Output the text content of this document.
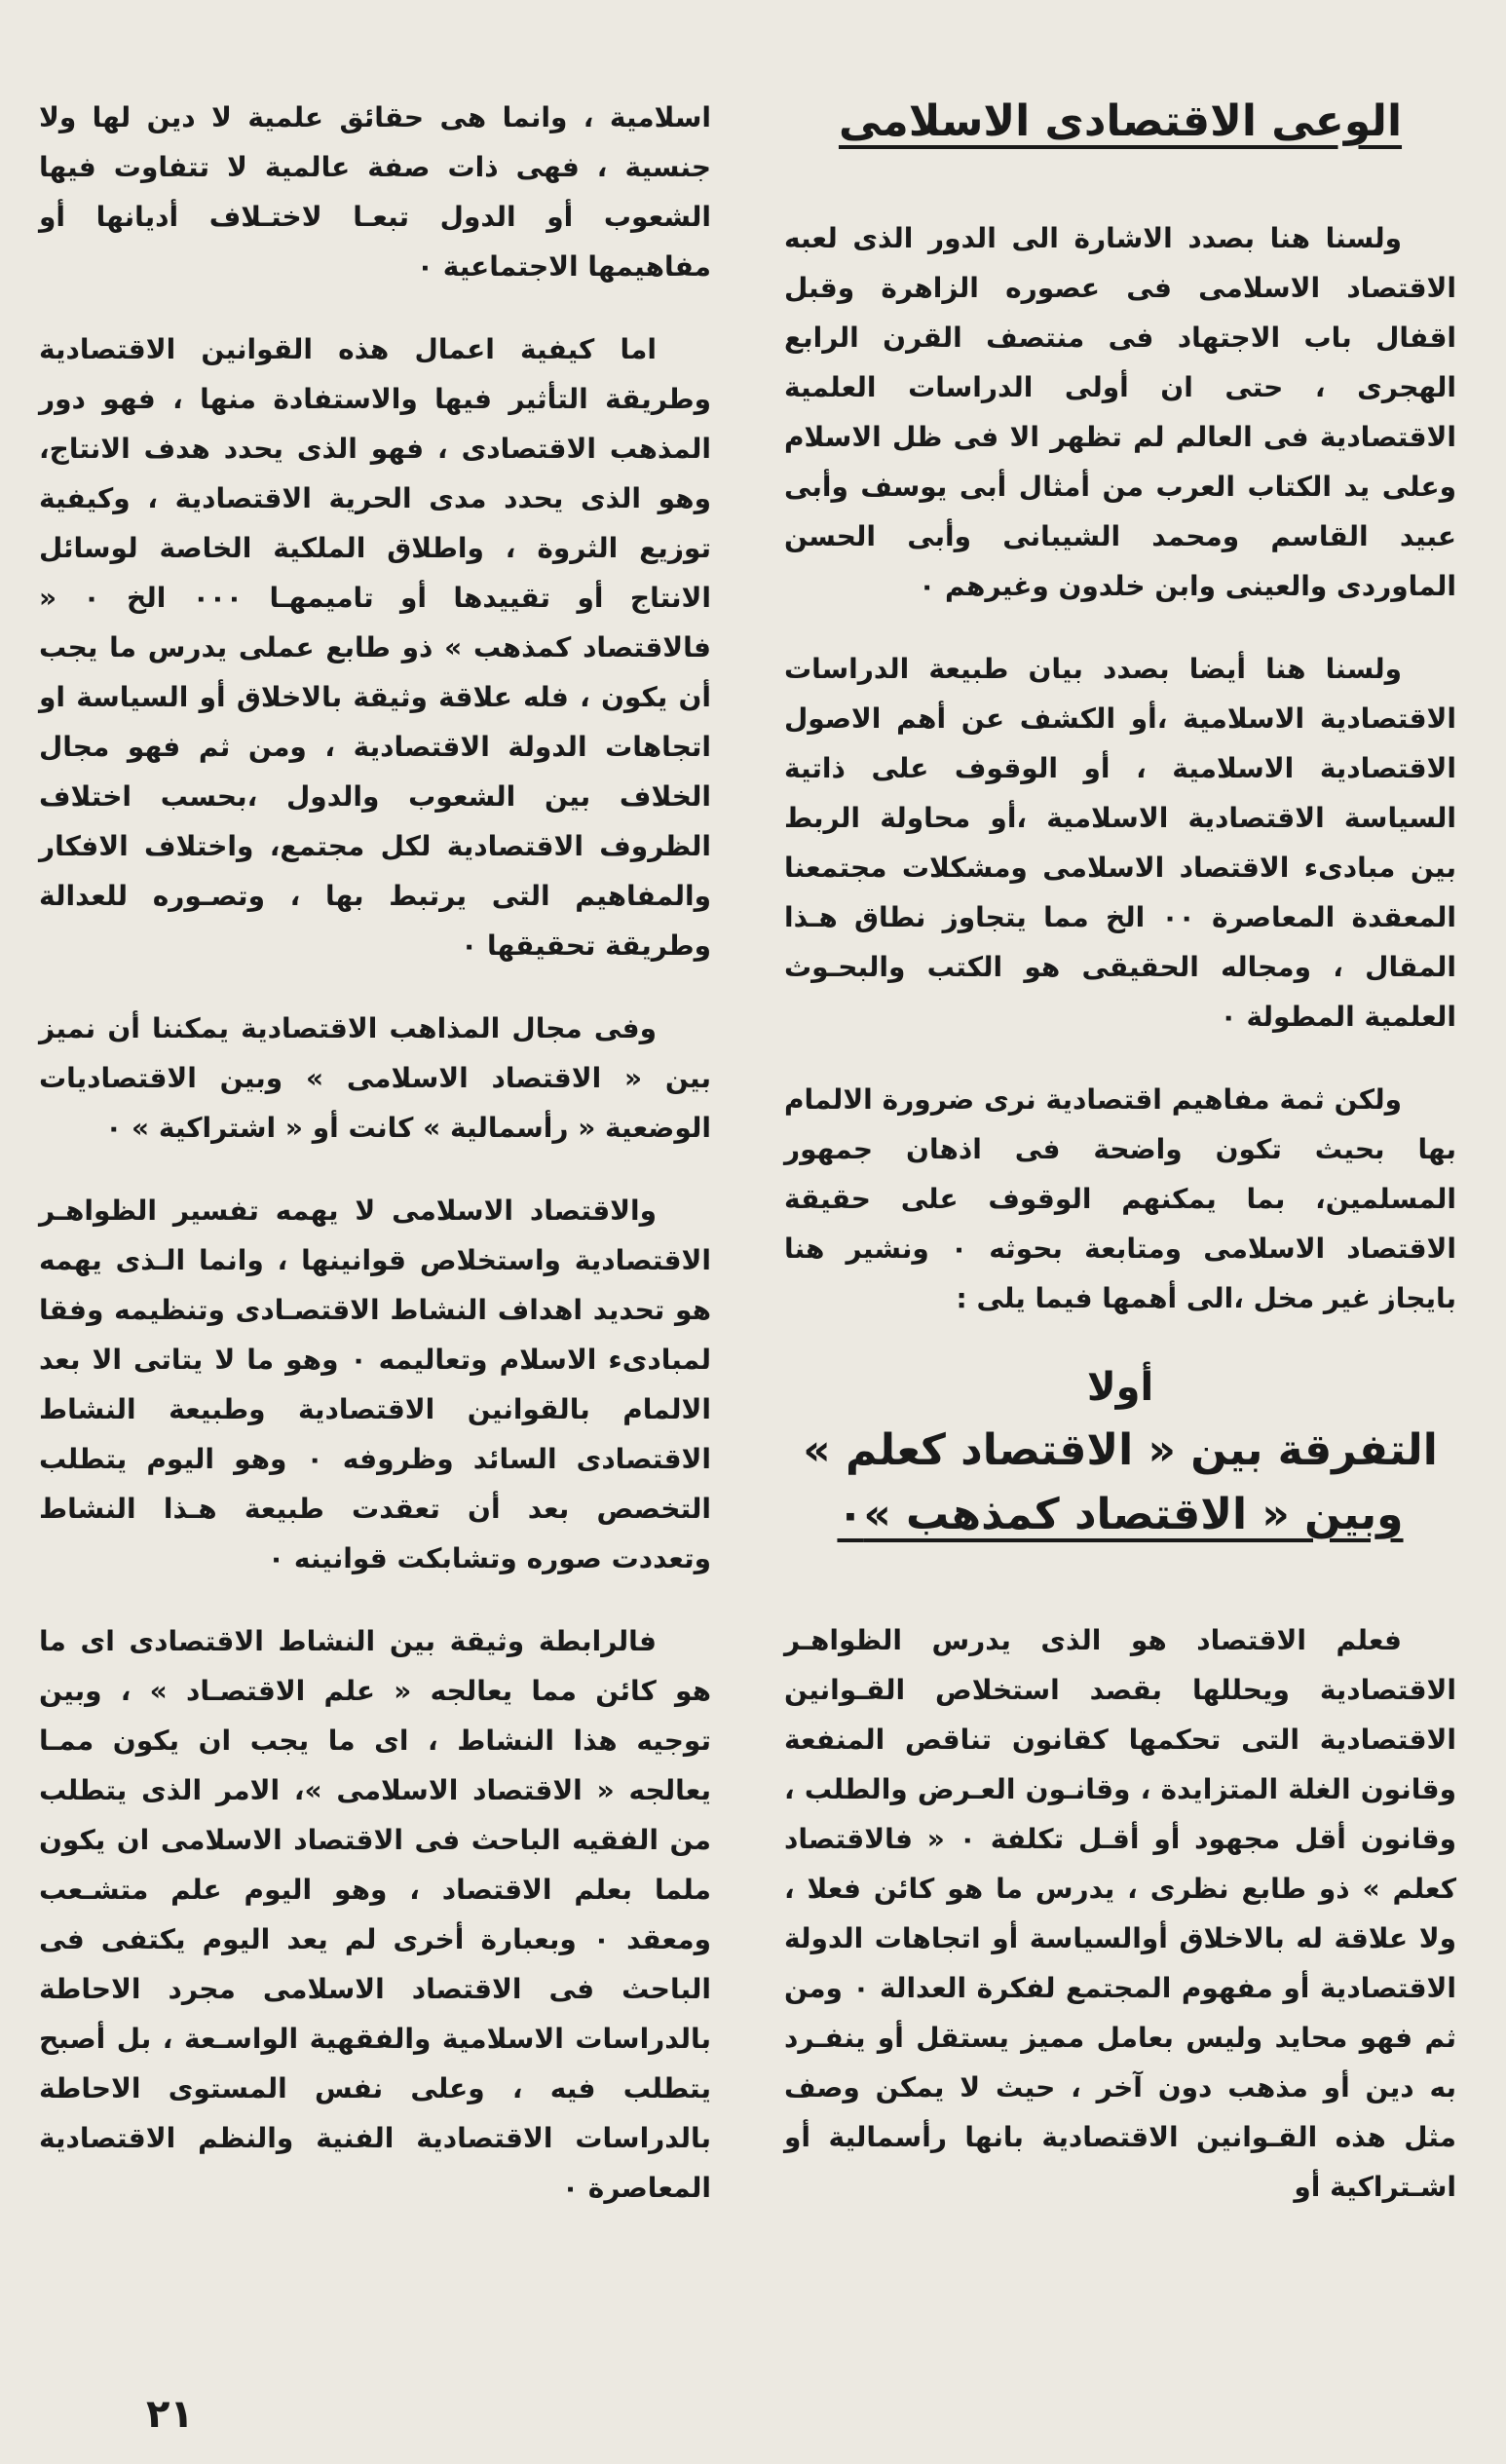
الوعى الاقتصادى الاسلامى

ولسنا هنا بصدد الاشارة الى الدور الذى لعبه الاقتصاد الاسلامى فى عصوره الزاهرة وقبل اقفال باب الاجتهاد فى منتصف القرن الرابع الهجرى ، حتى ان أولى الدراسات العلمية الاقتصادية فى العالم لم تظهر الا فى ظل الاسلام وعلى يد الكتاب العرب من أمثال أبى يوسف وأبى عبيد القاسم ومحمد الشيبانى وأبى الحسن الماوردى والعينى وابن خلدون وغيرهم ٠

ولسنا هنا أيضا بصدد بيان طبيعة الدراسات الاقتصادية الاسلامية ،أو الكشف عن أهم الاصول الاقتصادية الاسلامية ، أو الوقوف على ذاتية السياسة الاقتصادية الاسلامية ،أو محاولة الربط بين مبادىء الاقتصاد الاسلامى ومشكلات مجتمعنا المعقدة المعاصرة ٠٠ الخ مما يتجاوز نطاق هـذا المقال ، ومجاله الحقيقى هو الكتب والبحـوث العلمية المطولة ٠

ولكن ثمة مفاهيم اقتصادية نرى ضرورة الالمام بها بحيث تكون واضحة فى اذهان جمهور المسلمين، بما يمكنهم الوقوف على حقيقة الاقتصاد الاسلامى ومتابعة بحوثه ٠ ونشير هنا بايجاز غير مخل ،الى أهمها فيما يلى :

أولا
التفرقة بين « الاقتصاد كعلم »
وبين « الاقتصاد كمذهب »٠

فعلم الاقتصاد هو الذى يدرس الظواهـر الاقتصادية ويحللها بقصد استخلاص القـوانين الاقتصادية التى تحكمها كقانون تناقص المنفعة وقانون الغلة المتزايدة ، وقانـون العـرض والطلب ، وقانون أقل مجهود أو أقـل تكلفة ٠ « فالاقتصاد كعلم » ذو طابع نظرى ، يدرس ما هو كائن فعلا ، ولا علاقة له بالاخلاق أوالسياسة أو اتجاهات الدولة الاقتصادية أو مفهوم المجتمع لفكرة العدالة ٠ ومن ثم فهو محايد وليس بعامل مميز يستقل أو ينفـرد به دين أو مذهب دون آخر ، حيث لا يمكن وصف مثل هذه القـوانين الاقتصادية بانها رأسمالية أو اشـتراكية أو

اسلامية ، وانما هى حقائق علمية لا دين لها ولا جنسية ، فهى ذات صفة عالمية لا تتفاوت فيها الشعوب أو الدول تبعـا لاختـلاف أديانها أو مفاهيمها الاجتماعية ٠

اما كيفية اعمال هذه القوانين الاقتصادية وطريقة التأثير فيها والاستفادة منها ، فهو دور المذهب الاقتصادى ، فهو الذى يحدد هدف الانتاج، وهو الذى يحدد مدى الحرية الاقتصادية ، وكيفية توزيع الثروة ، واطلاق الملكية الخاصة لوسائل الانتاج أو تقييدها أو تاميمهـا ٠٠٠ الخ ٠ « فالاقتصاد كمذهب » ذو طابع عملى يدرس ما يجب أن يكون ، فله علاقة وثيقة بالاخلاق أو السياسة او اتجاهات الدولة الاقتصادية ، ومن ثم فهو مجال الخلاف بين الشعوب والدول ،بحسب اختلاف الظروف الاقتصادية لكل مجتمع، واختلاف الافكار والمفاهيم التى يرتبط بها ، وتصـوره للعدالة وطريقة تحقيقها ٠

وفى مجال المذاهب الاقتصادية يمكننا أن نميز بين « الاقتصاد الاسلامى » وبين الاقتصاديات الوضعية « رأسمالية » كانت أو « اشتراكية » ٠

والاقتصاد الاسلامى لا يهمه تفسير الظواهـر الاقتصادية واستخلاص قوانينها ، وانما الـذى يهمه هو تحديد اهداف النشاط الاقتصـادى وتنظيمه وفقا لمبادىء الاسلام وتعاليمه ٠ وهو ما لا يتاتى الا بعد الالمام بالقوانين الاقتصادية وطبيعة النشاط الاقتصادى السائد وظروفه ٠ وهو اليوم يتطلب التخصص بعد أن تعقدت طبيعة هـذا النشاط وتعددت صوره وتشابكت قوانينه ٠

فالرابطة وثيقة بين النشاط الاقتصادى اى ما هو كائن مما يعالجه « علم الاقتصـاد » ، وبين توجيه هذا النشاط ، اى ما يجب ان يكون ممـا يعالجه « الاقتصاد الاسلامى »، الامر الذى يتطلب من الفقيه الباحث فى الاقتصاد الاسلامى ان يكون ملما بعلم الاقتصاد ، وهو اليوم علم متشـعب ومعقد ٠ وبعبارة أخرى لم يعد اليوم يكتفى فى الباحث فى الاقتصاد الاسلامى مجرد الاحاطة بالدراسات الاسلامية والفقهية الواسـعة ، بل أصبح يتطلب فيه ، وعلى نفس المستوى الاحاطة بالدراسات الاقتصادية الفنية والنظم الاقتصادية المعاصرة ٠

٢١
